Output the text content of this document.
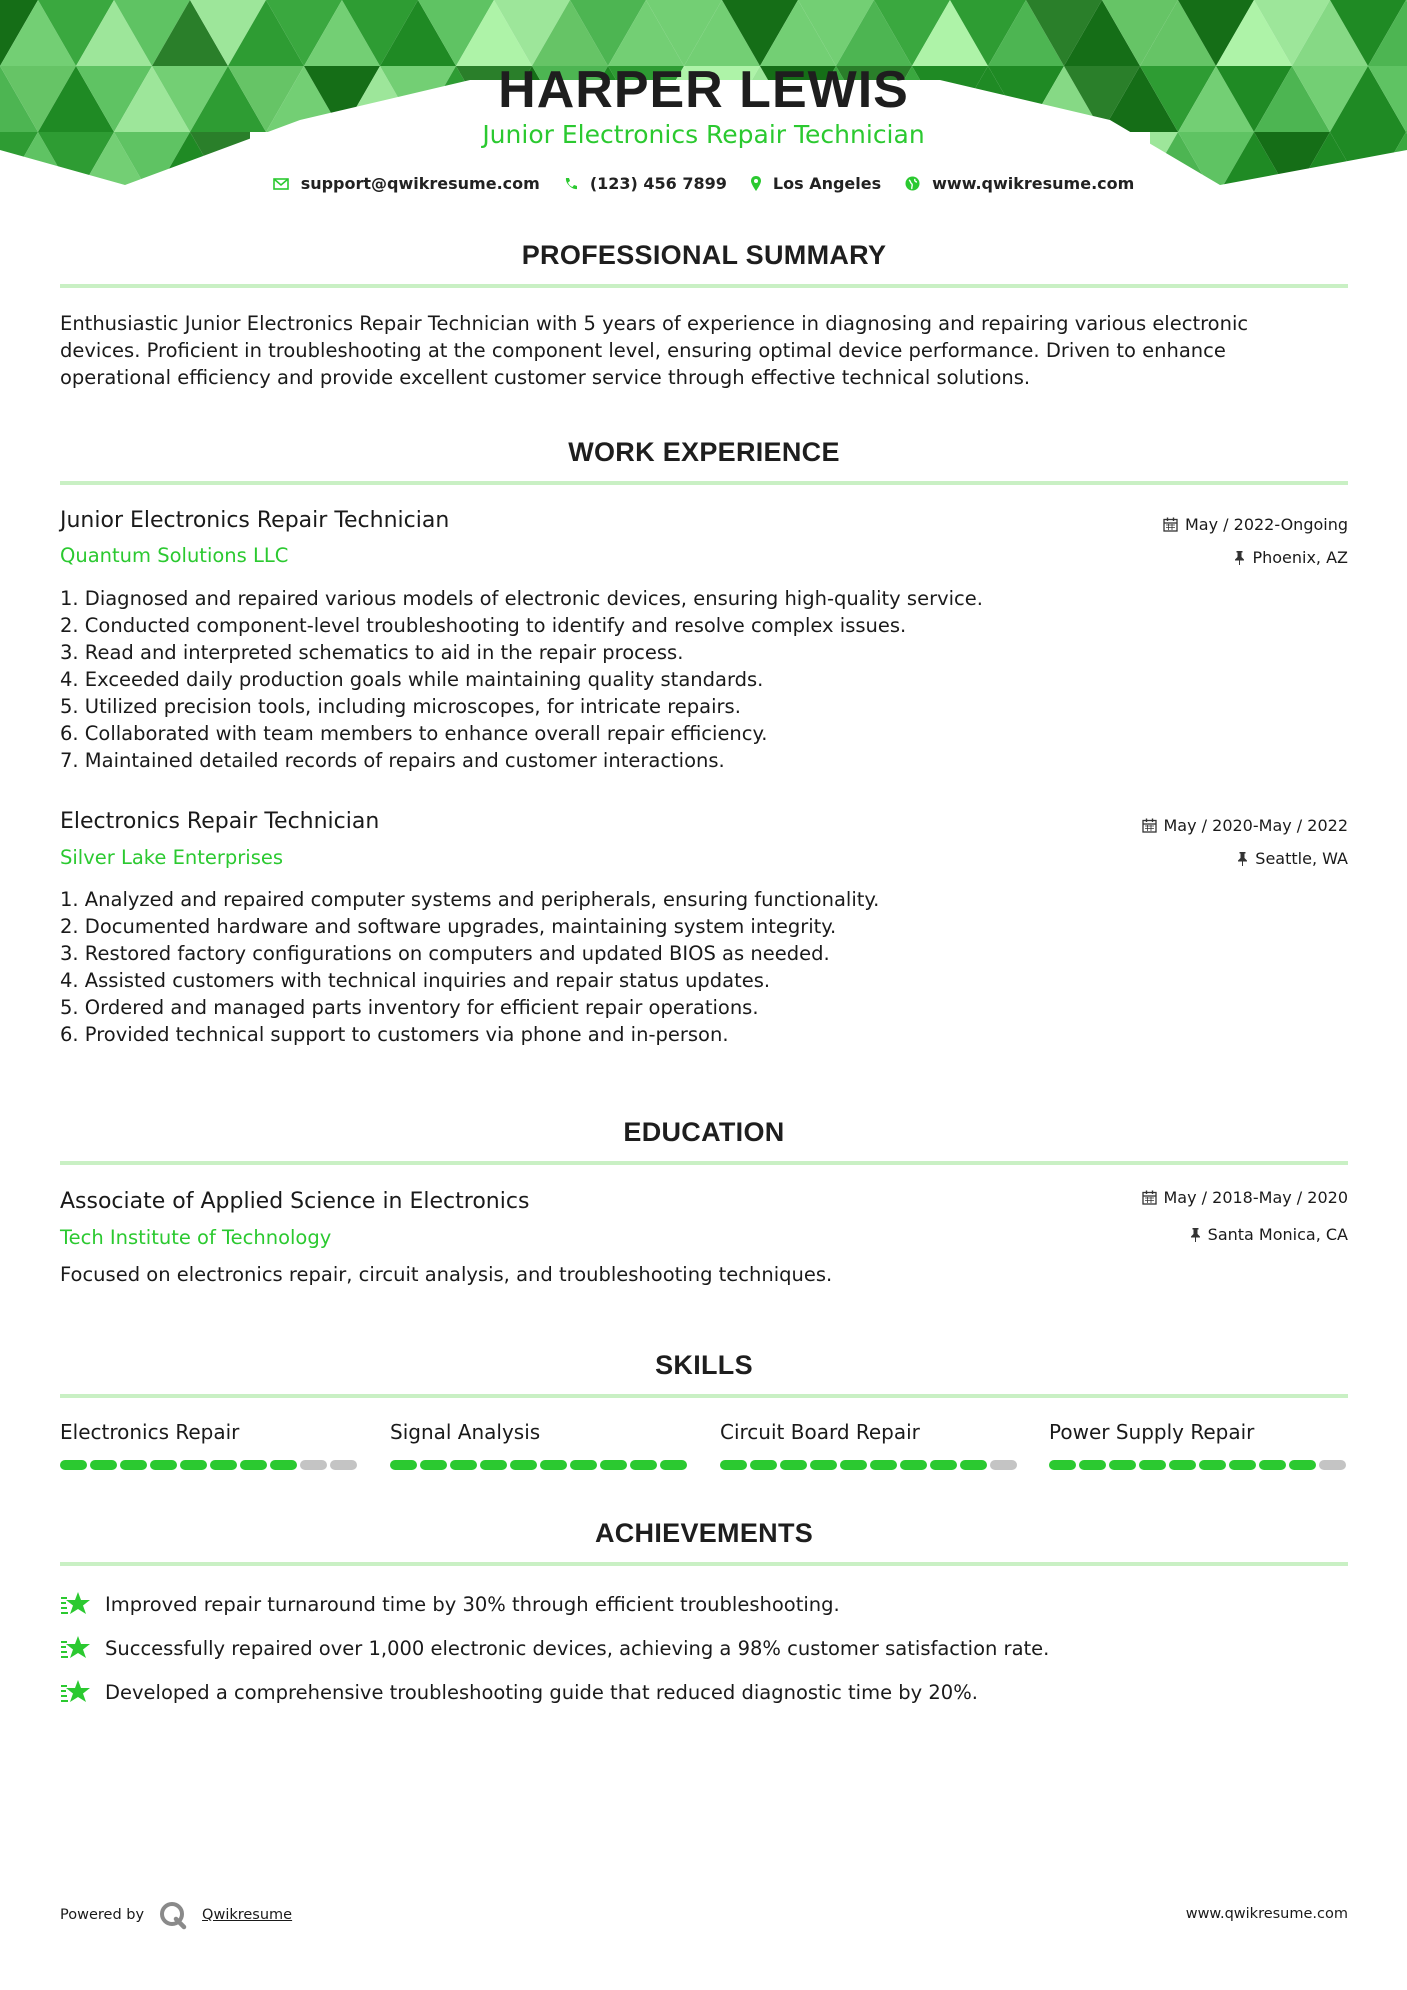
HARPER LEWIS
Junior Electronics Repair Technician
support@qwikresume.com	(123) 456 7899	Los Angeles	www.qwikresume.com
PROFESSIONAL SUMMARY
Enthusiastic Junior Electronics Repair Technician with 5 years of experience in diagnosing and repairing various electronic
devices. Proficient in troubleshooting at the component level, ensuring optimal device performance. Driven to enhance
operational efficiency and provide excellent customer service through effective technical solutions.
WORK EXPERIENCE
Junior Electronics Repair Technician
Quantum Solutions LLC
May / 2022-Ongoing
Phoenix, AZ
1. Diagnosed and repaired various models of electronic devices, ensuring high-quality service.
2. Conducted component-level troubleshooting to identify and resolve complex issues.
3. Read and interpreted schematics to aid in the repair process.
4. Exceeded daily production goals while maintaining quality standards.
5. Utilized precision tools, including microscopes, for intricate repairs.
6. Collaborated with team members to enhance overall repair efficiency.
7. Maintained detailed records of repairs and customer interactions.
Electronics Repair Technician
Silver Lake Enterprises
May / 2020-May / 2022
Seattle, WA
1. Analyzed and repaired computer systems and peripherals, ensuring functionality.
2. Documented hardware and software upgrades, maintaining system integrity.
3. Restored factory configurations on computers and updated BIOS as needed.
4. Assisted customers with technical inquiries and repair status updates.
5. Ordered and managed parts inventory for efficient repair operations.
6. Provided technical support to customers via phone and in-person.
EDUCATION
Associate of Applied Science in Electronics
Tech Institute of Technology
May / 2018-May / 2020
Santa Monica, CA
Focused on electronics repair, circuit analysis, and troubleshooting techniques.
SKILLS
Electronics Repair	Signal Analysis	Circuit Board Repair	Power Supply Repair
ACHIEVEMENTS
Improved repair turnaround time by 30% through efficient troubleshooting.
Successfully repaired over 1,000 electronic devices, achieving a 98% customer satisfaction rate.
Developed a comprehensive troubleshooting guide that reduced diagnostic time by 20%.
Powered by	Qwikresume	www.qwikresume.com
